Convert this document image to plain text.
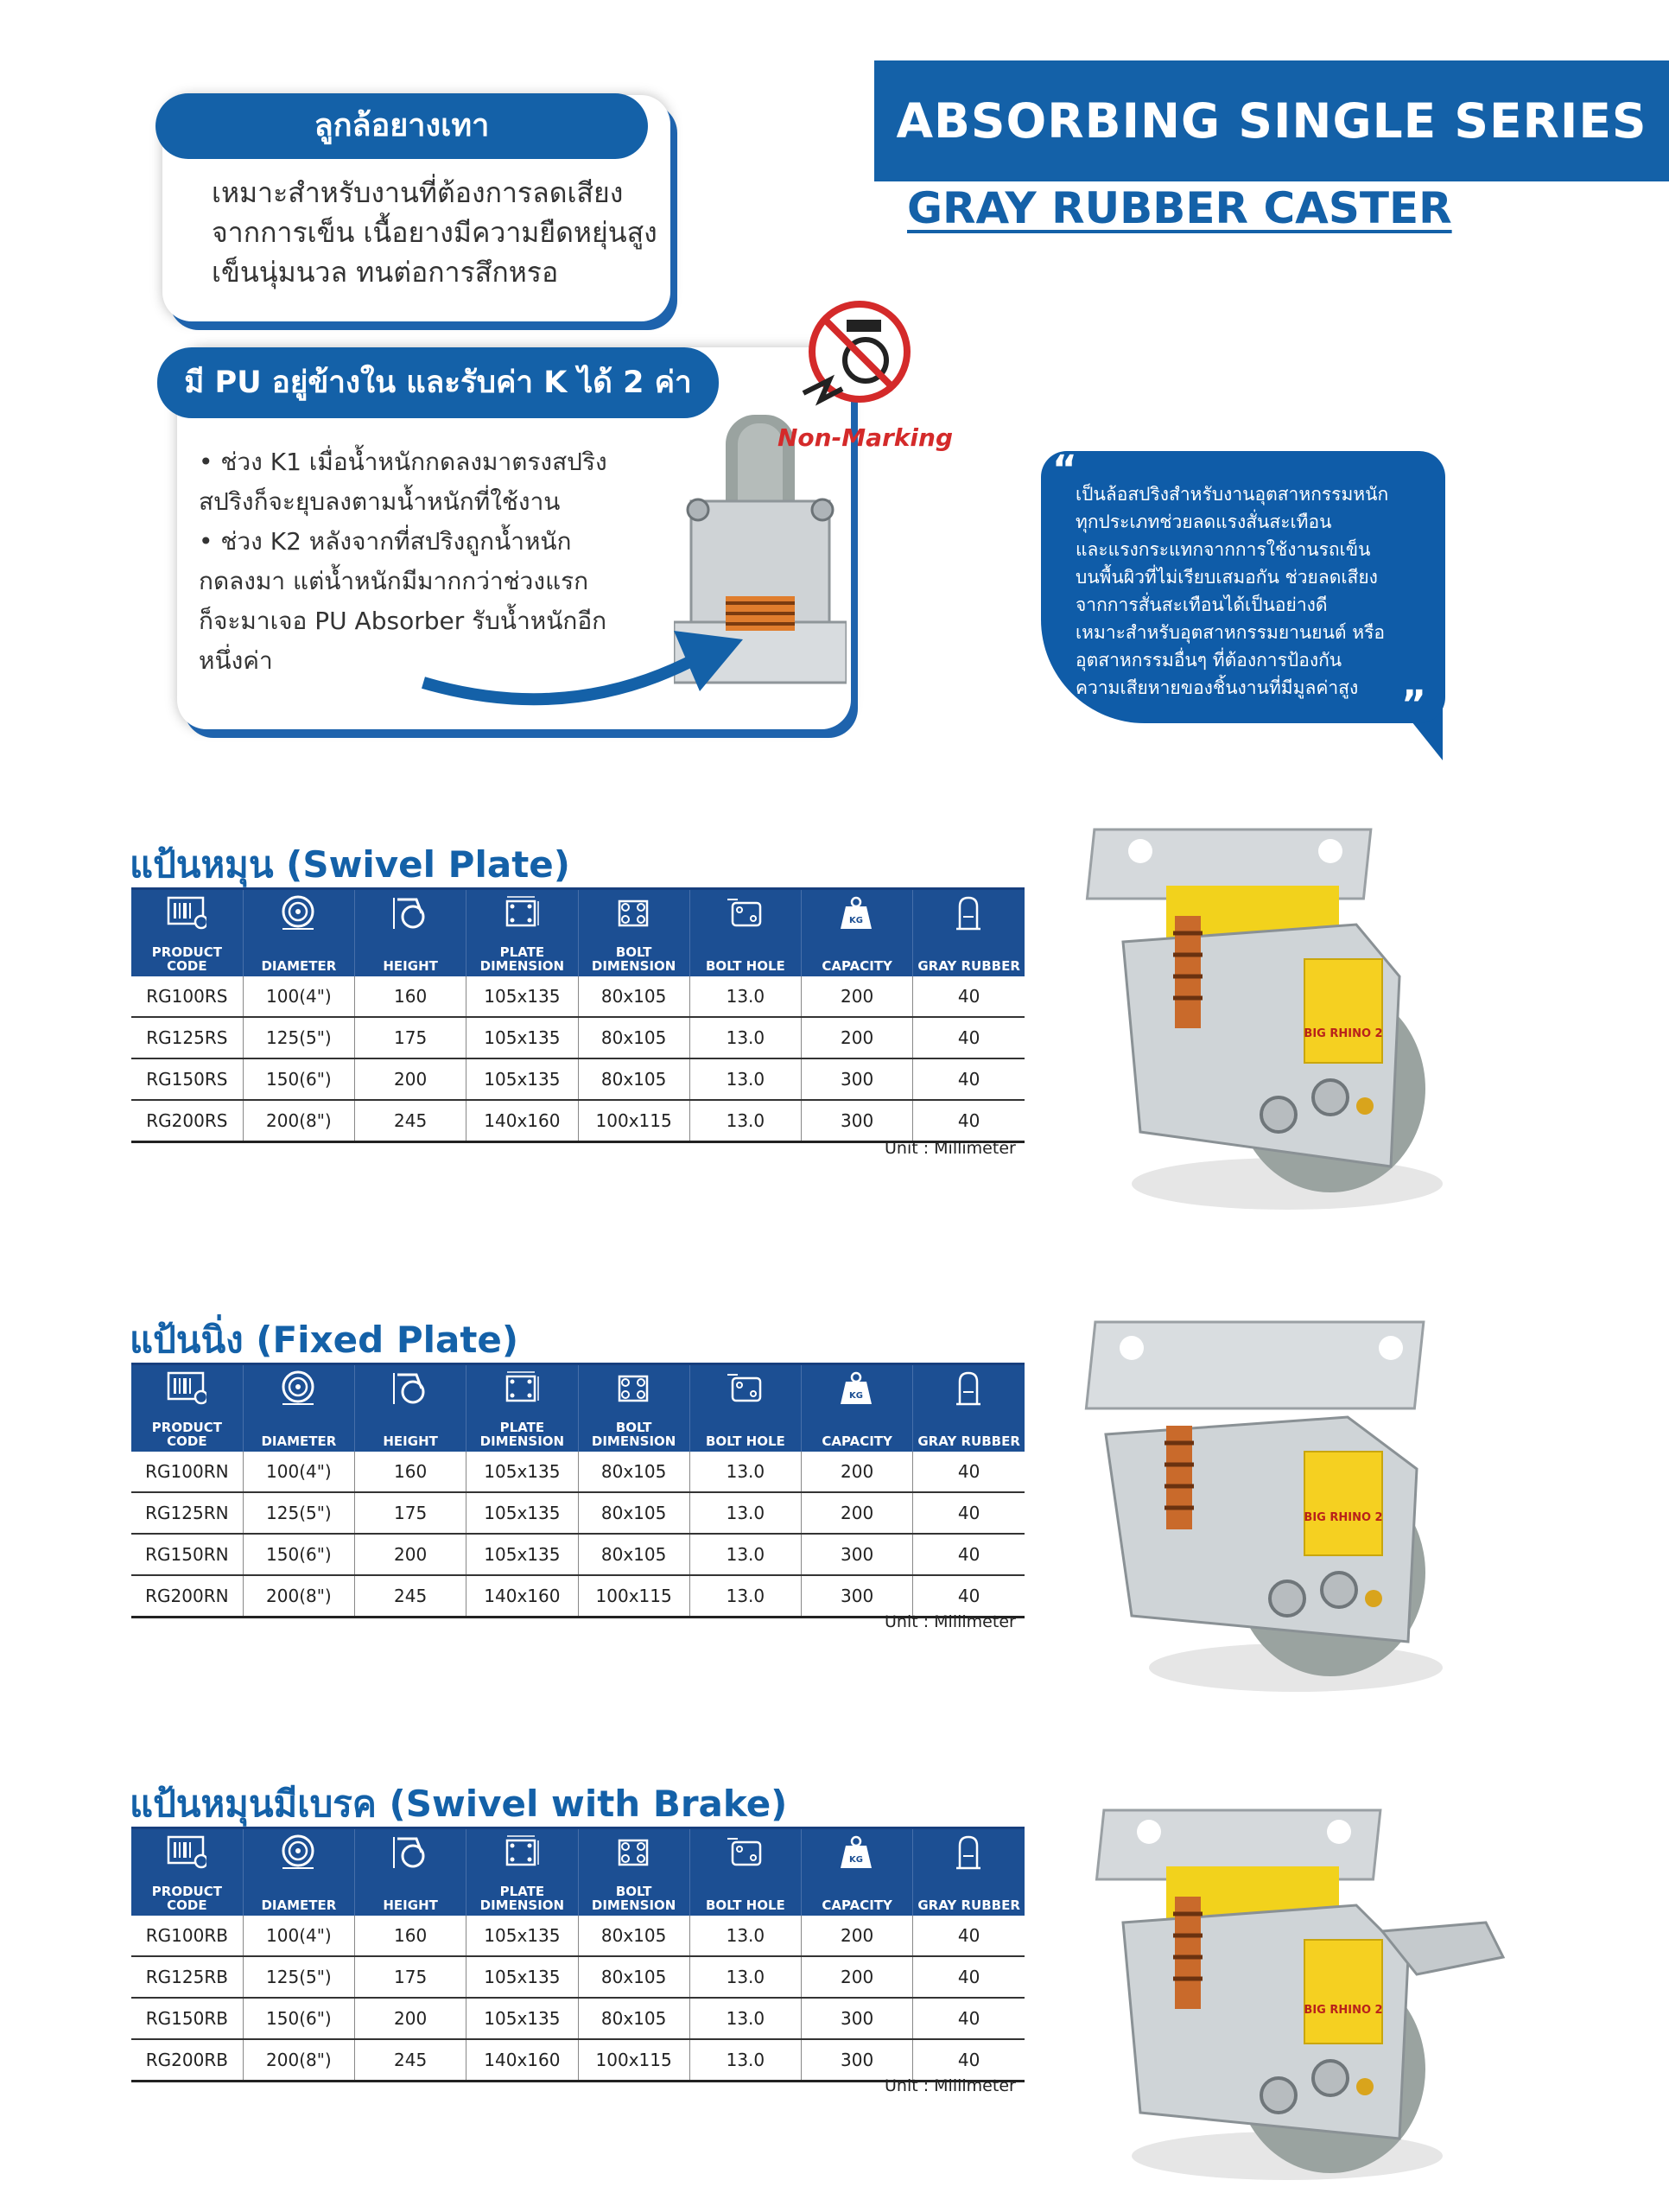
ABSORBING SINGLE SERIES
GRAY RUBBER CASTER
ลูกล้อยางเทา
เหมาะสำหรับงานที่ต้องการลดเสียง
จากการเข็น เนื้อยางมีความยืดหยุ่นสูง
เข็นนุ่มนวล ทนต่อการสึกหรอ
มี PU อยู่ข้างใน และรับค่า K ได้ 2 ค่า
• ช่วง K1 เมื่อน้ำหนักกดลงมาตรงสปริง
สปริงก็จะยุบลงตามน้ำหนักที่ใช้งาน
• ช่วง K2 หลังจากที่สปริงถูกน้ำหนัก
กดลงมา แต่น้ำหนักมีมากกว่าช่วงแรก
ก็จะมาเจอ PU Absorber รับน้ำหนักอีก
หนึ่งค่า
Non-Marking
“
เป็นล้อสปริงสำหรับงานอุตสาหกรรมหนัก
ทุกประเภทช่วยลดแรงสั่นสะเทือน
และแรงกระแทกจากการใช้งานรถเข็น
บนพื้นผิวที่ไม่เรียบเสมอกัน ช่วยลดเสียง
จากการสั่นสะเทือนได้เป็นอย่างดี
เหมาะสำหรับอุตสาหกรรมยานยนต์ หรือ
อุตสาหกรรมอื่นๆ ที่ต้องการป้องกัน
ความเสียหายของชิ้นงานที่มีมูลค่าสูง	”
แป้นหมุน (Swivel Plate)

PRODUCT CODE	DIAMETER	HEIGHT	PLATE DIMENSION	BOLT DIMENSION	BOLT HOLE	CAPACITY	GRAY RUBBER
RG100RS	100(4")	160	105x135	80x105	13.0	200	40
RG125RS	125(5")	175	105x135	80x105	13.0	200	40
RG150RS	150(6")	200	105x135	80x105	13.0	300	40
RG200RS	200(8")	245	140x160	100x115	13.0	300	40
Unit : Millimeter
แป้นนิ่ง (Fixed Plate)

PRODUCT CODE	DIAMETER	HEIGHT	PLATE DIMENSION	BOLT DIMENSION	BOLT HOLE	CAPACITY	GRAY RUBBER
RG100RN	100(4")	160	105x135	80x105	13.0	200	40
RG125RN	125(5")	175	105x135	80x105	13.0	200	40
RG150RN	150(6")	200	105x135	80x105	13.0	300	40
RG200RN	200(8")	245	140x160	100x115	13.0	300	40
Unit : Millimeter
แป้นหมุนมีเบรค (Swivel with Brake)

PRODUCT CODE	DIAMETER	HEIGHT	PLATE DIMENSION	BOLT DIMENSION	BOLT HOLE	CAPACITY	GRAY RUBBER
RG100RB	100(4")	160	105x135	80x105	13.0	200	40
RG125RB	125(5")	175	105x135	80x105	13.0	200	40
RG150RB	150(6")	200	105x135	80x105	13.0	300	40
RG200RB	200(8")	245	140x160	100x115	13.0	300	40
Unit : Millimeter
BIG RHINO 2
BIG RHINO 2
BIG RHINO 2
